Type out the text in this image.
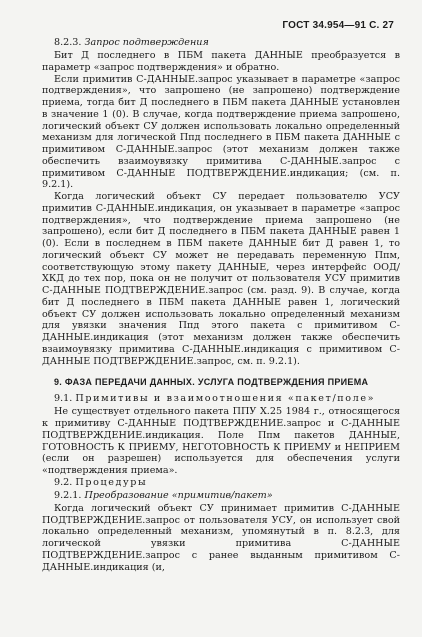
ГОСТ 34.954—91 С. 27
8.2.3. Запрос подтверждения

Бит Д последнего в ПБМ пакета ДАННЫЕ преобразуется в параметр «запрос подтверждения» и обратно.

Если примитив С-ДАННЫЕ.запрос указывает в параметре «запрос подтверждения», что запрошено (не запрошено) подтверждение приема, тогда бит Д последнего в ПБМ пакета ДАННЫЕ установлен в значение 1 (0). В случае, когда подтверждение приема запрошено, логический объект СУ должен использовать локально определенный механизм для логической Ппд последнего в ПБМ пакета ДАННЫЕ с примитивом С-ДАННЫЕ.запрос (этот механизм должен также обеспечить взаимоувязку примитива С-ДАННЫЕ.запрос с примитивом С-ДАННЫЕ ПОДТВЕРЖДЕНИЕ.индикация; (см. п. 9.2.1).

Когда логический объект СУ передает пользователю УСУ примитив С-ДАННЫЕ.индикация, он указывает в параметре «запрос подтверждения», что подтверждение приема запрошено (не запрошено), если бит Д последнего в ПБМ пакета ДАННЫЕ равен 1 (0). Если в последнем в ПБМ пакете ДАННЫЕ бит Д равен 1, то логический объект СУ может не передавать переменную Ппм, соответствующую этому пакету ДАННЫЕ, через интерфейс ООД/ХКД до тех пор, пока он не получит от пользователя УСУ примитив С-ДАННЫЕ ПОДТВЕРЖДЕНИЕ.запрос (см. разд. 9). В случае, когда бит Д последнего в ПБМ пакета ДАННЫЕ равен 1, логический объект СУ должен использовать локально определенный механизм для увязки значения Ппд этого пакета с примитивом С-ДАННЫЕ.индикация (этот механизм должен также обеспечить взаимоувязку примитива С-ДАННЫЕ.индикация с примитивом С-ДАННЫЕ ПОДТВЕРЖДЕНИЕ.запрос, см. п. 9.2.1).

9. ФАЗА ПЕРЕДАЧИ ДАННЫХ. УСЛУГА ПОДТВЕРЖДЕНИЯ ПРИЕМА
9.1. Примитивы и взаимоотношения «пакет/поле»

Не существует отдельного пакета ППУ Х.25 1984 г., относящегося к примитиву С-ДАННЫЕ ПОДТВЕРЖДЕНИЕ.запрос и С-ДАННЫЕ ПОДТВЕРЖДЕНИЕ.индикация. Поле Ппм пакетов ДАННЫЕ, ГОТОВНОСТЬ К ПРИЕМУ, НЕГОТОВНОСТЬ К ПРИЕМУ и НЕПРИЕМ (если он разрешен) используется для обеспечения услуги «подтверждения приема».

9.2. Процедуры
9.2.1. Преобразование «примитив/пакет»

Когда логический объект СУ принимает примитив С-ДАННЫЕ ПОДТВЕРЖДЕНИЕ.запрос от пользователя УСУ, он использует свой локально определенный механизм, упомянутый в п. 8.2.3, для логической увязки примитива С-ДАННЫЕ ПОДТВЕРЖДЕНИЕ.запрос с ранее выданным примитивом С-ДАННЫЕ.индикация (и,
